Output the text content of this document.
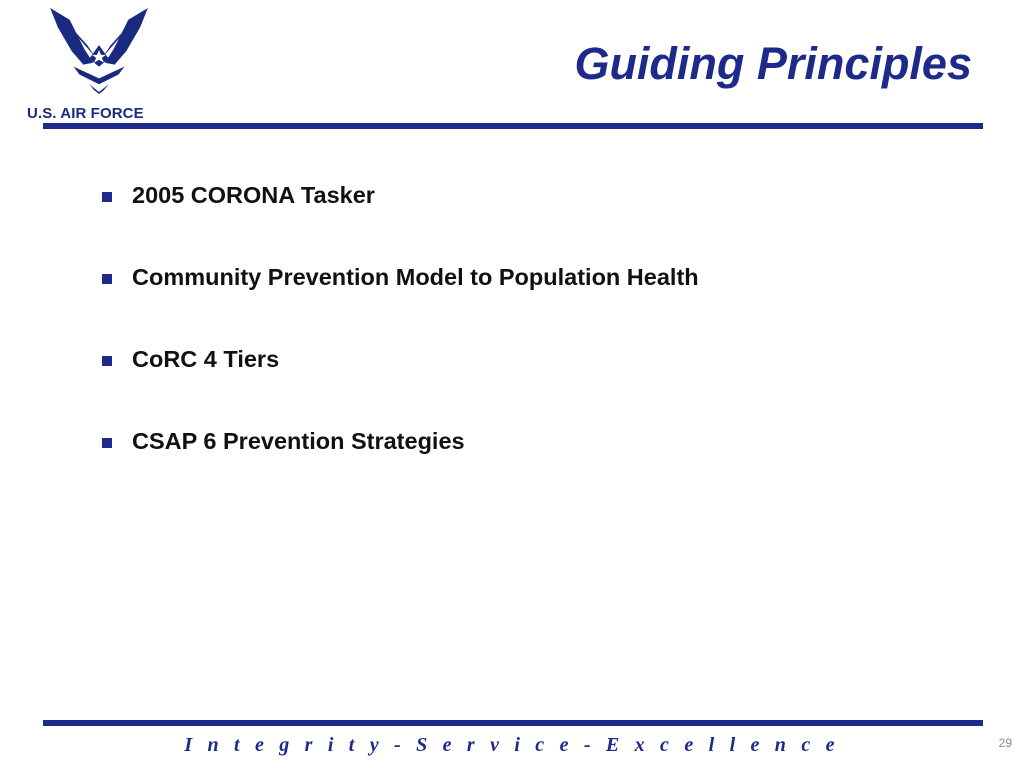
U.S. AIR FORCE
Guiding Principles
2005 CORONA Tasker
Community Prevention Model to Population Health
CoRC 4 Tiers
CSAP 6 Prevention Strategies
I n t e g r i t y - S e r v i c e - E x c e l l e n c e	29
